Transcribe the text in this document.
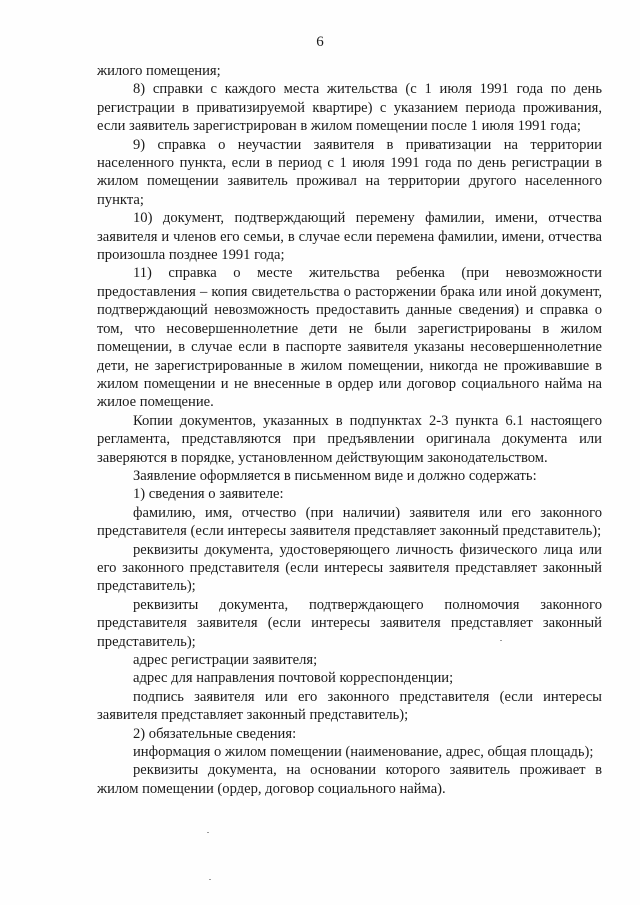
6

жилого помещения;

8) справки с каждого места жительства (с 1 июля 1991 года по день регистрации в приватизируемой квартире) с указанием периода проживания, если заявитель зарегистрирован в жилом помещении после 1 июля 1991 года;

9) справка о неучастии заявителя в приватизации на территории населенного пункта, если в период с 1 июля 1991 года по день регистрации в жилом помещении заявитель проживал на территории другого населенного пункта;

10) документ, подтверждающий перемену фамилии, имени, отчества заявителя и членов его семьи, в случае если перемена фамилии, имени, отчества произошла позднее 1991 года;

11) справка о месте жительства ребенка (при невозможности предоставления – копия свидетельства о расторжении брака или иной документ, подтверждающий невозможность предоставить данные сведения) и справка о том, что несовершеннолетние дети не были зарегистрированы в жилом помещении, в случае если в паспорте заявителя указаны несовершеннолетние дети, не зарегистрированные в жилом помещении, никогда не проживавшие в жилом помещении и не внесенные в ордер или договор социального найма на жилое помещение.

Копии документов, указанных в подпунктах 2-3 пункта 6.1 настоящего регламента, представляются при предъявлении оригинала документа или заверяются в порядке, установленном действующим законодательством.

Заявление оформляется в письменном виде и должно содержать:

1) сведения о заявителе:

фамилию, имя, отчество (при наличии) заявителя или его законного представителя (если интересы заявителя представляет законный представитель);

реквизиты документа, удостоверяющего личность физического лица или его законного представителя (если интересы заявителя представляет законный представитель);

реквизиты документа, подтверждающего полномочия законного представителя заявителя (если интересы заявителя представляет законный представитель);

адрес регистрации заявителя;

адрес для направления почтовой корреспонденции;

подпись заявителя или его законного представителя (если интересы заявителя представляет законный представитель);

2) обязательные сведения:

информация о жилом помещении (наименование, адрес, общая площадь);

реквизиты документа, на основании которого заявитель проживает в жилом помещении (ордер, договор социального найма).
